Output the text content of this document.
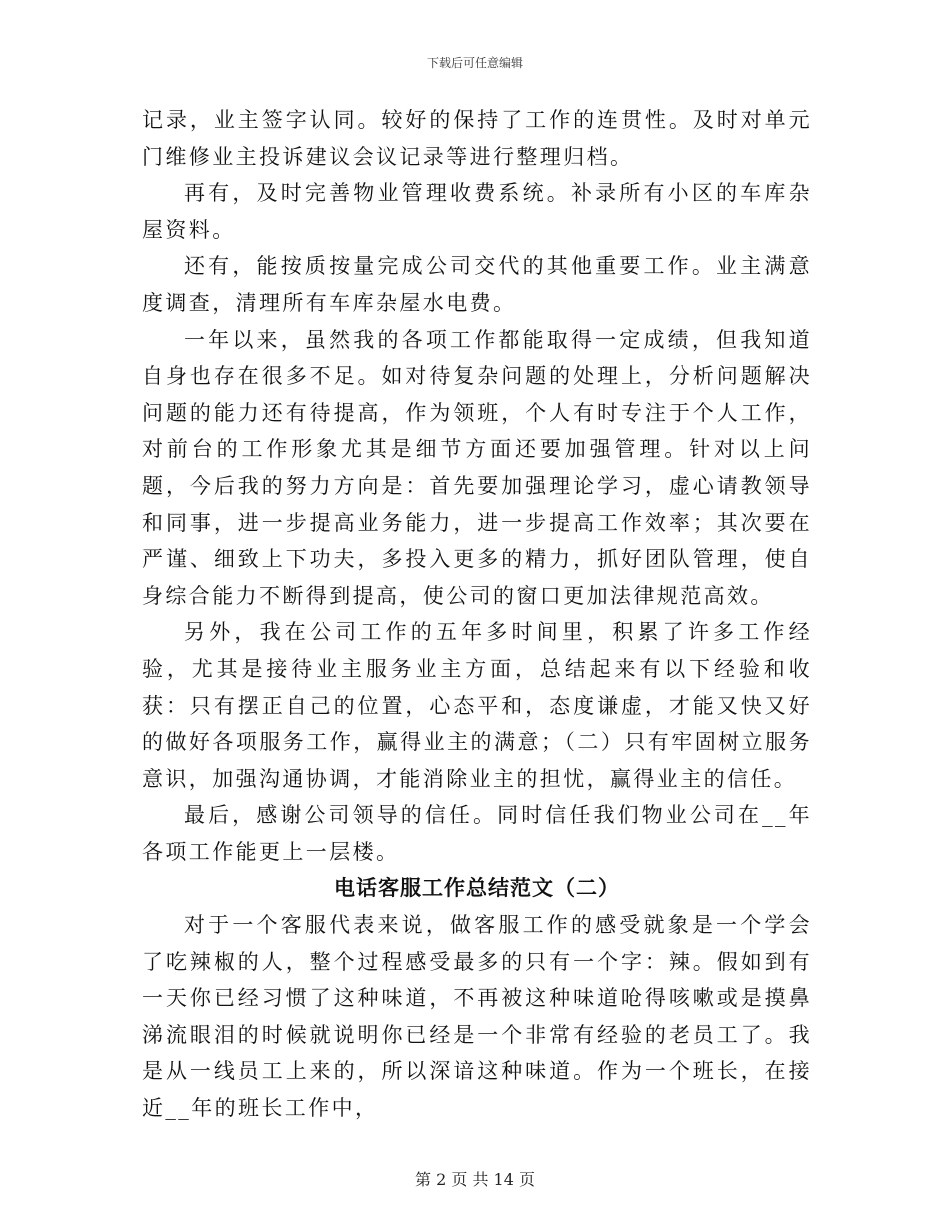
下载后可任意编辑

记录，业主签字认同。较好的保持了工作的连贯性。及时对单元门维修业主投诉建议会议记录等进行整理归档。

再有，及时完善物业管理收费系统。补录所有小区的车库杂屋资料。

还有，能按质按量完成公司交代的其他重要工作。业主满意度调查，清理所有车库杂屋水电费。

一年以来，虽然我的各项工作都能取得一定成绩，但我知道自身也存在很多不足。如对待复杂问题的处理上，分析问题解决问题的能力还有待提高，作为领班，个人有时专注于个人工作，对前台的工作形象尤其是细节方面还要加强管理。针对以上问题，今后我的努力方向是：首先要加强理论学习，虚心请教领导和同事，进一步提高业务能力，进一步提高工作效率；其次要在严谨、细致上下功夫，多投入更多的精力，抓好团队管理，使自身综合能力不断得到提高，使公司的窗口更加法律规范高效。

另外，我在公司工作的五年多时间里，积累了许多工作经验，尤其是接待业主服务业主方面，总结起来有以下经验和收获：只有摆正自己的位置，心态平和，态度谦虚，才能又快又好的做好各项服务工作，赢得业主的满意；（二）只有牢固树立服务意识，加强沟通协调，才能消除业主的担忧，赢得业主的信任。

最后，感谢公司领导的信任。同时信任我们物业公司在__年各项工作能更上一层楼。

电话客服工作总结范文（二）

对于一个客服代表来说，做客服工作的感受就象是一个学会了吃辣椒的人，整个过程感受最多的只有一个字：辣。假如到有一天你已经习惯了这种味道，不再被这种味道呛得咳嗽或是摸鼻涕流眼泪的时候就说明你已经是一个非常有经验的老员工了。我是从一线员工上来的，所以深谙这种味道。作为一个班长，在接近__年的班长工作中，

第 2 页 共 14 页
